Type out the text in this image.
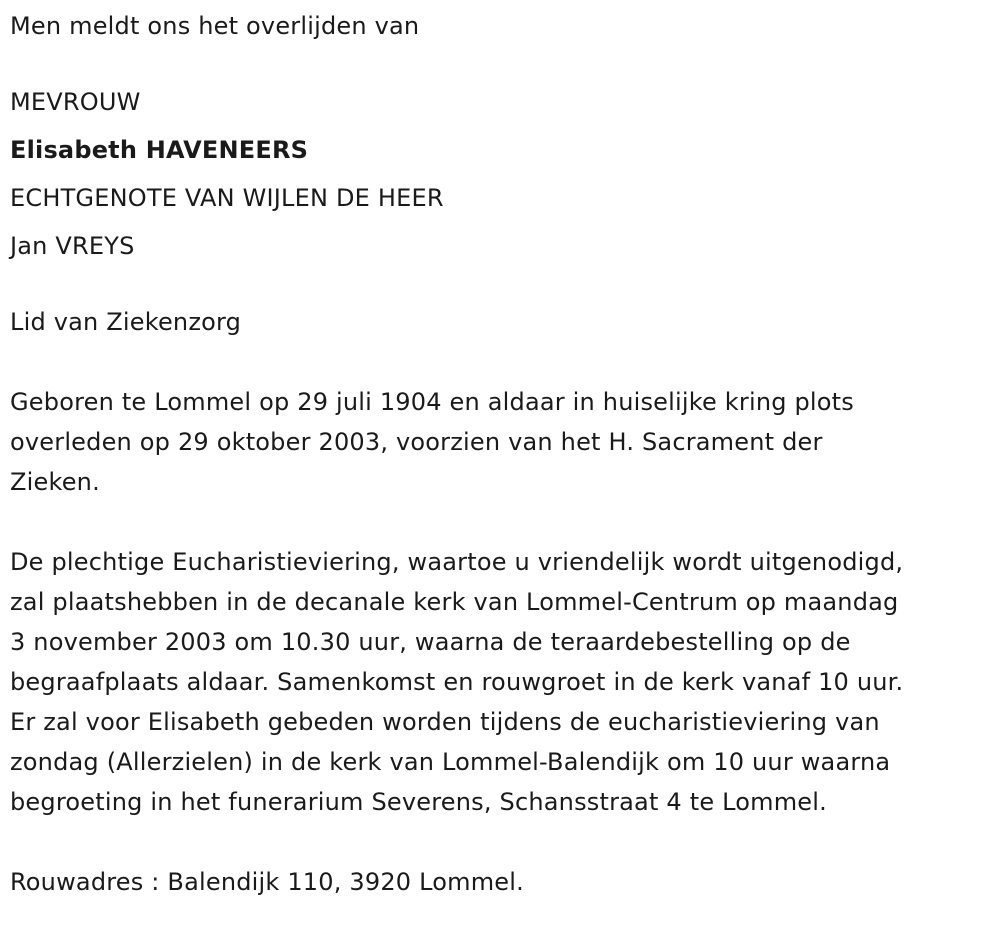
Men meldt ons het overlijden van
MEVROUW
Elisabeth HAVENEERS
ECHTGENOTE VAN WIJLEN DE HEER
Jan VREYS
Lid van Ziekenzorg
Geboren te Lommel op 29 juli 1904 en aldaar in huiselijke kring plots
overleden op 29 oktober 2003, voorzien van het H. Sacrament der
Zieken.
De plechtige Eucharistieviering, waartoe u vriendelijk wordt uitgenodigd,
zal plaatshebben in de decanale kerk van Lommel-Centrum op maandag
3 november 2003 om 10.30 uur, waarna de teraardebestelling op de
begraafplaats aldaar. Samenkomst en rouwgroet in de kerk vanaf 10 uur.
Er zal voor Elisabeth gebeden worden tijdens de eucharistieviering van
zondag (Allerzielen) in de kerk van Lommel-Balendijk om 10 uur waarna
begroeting in het funerarium Severens, Schansstraat 4 te Lommel.
Rouwadres : Balendijk 110, 3920 Lommel.
